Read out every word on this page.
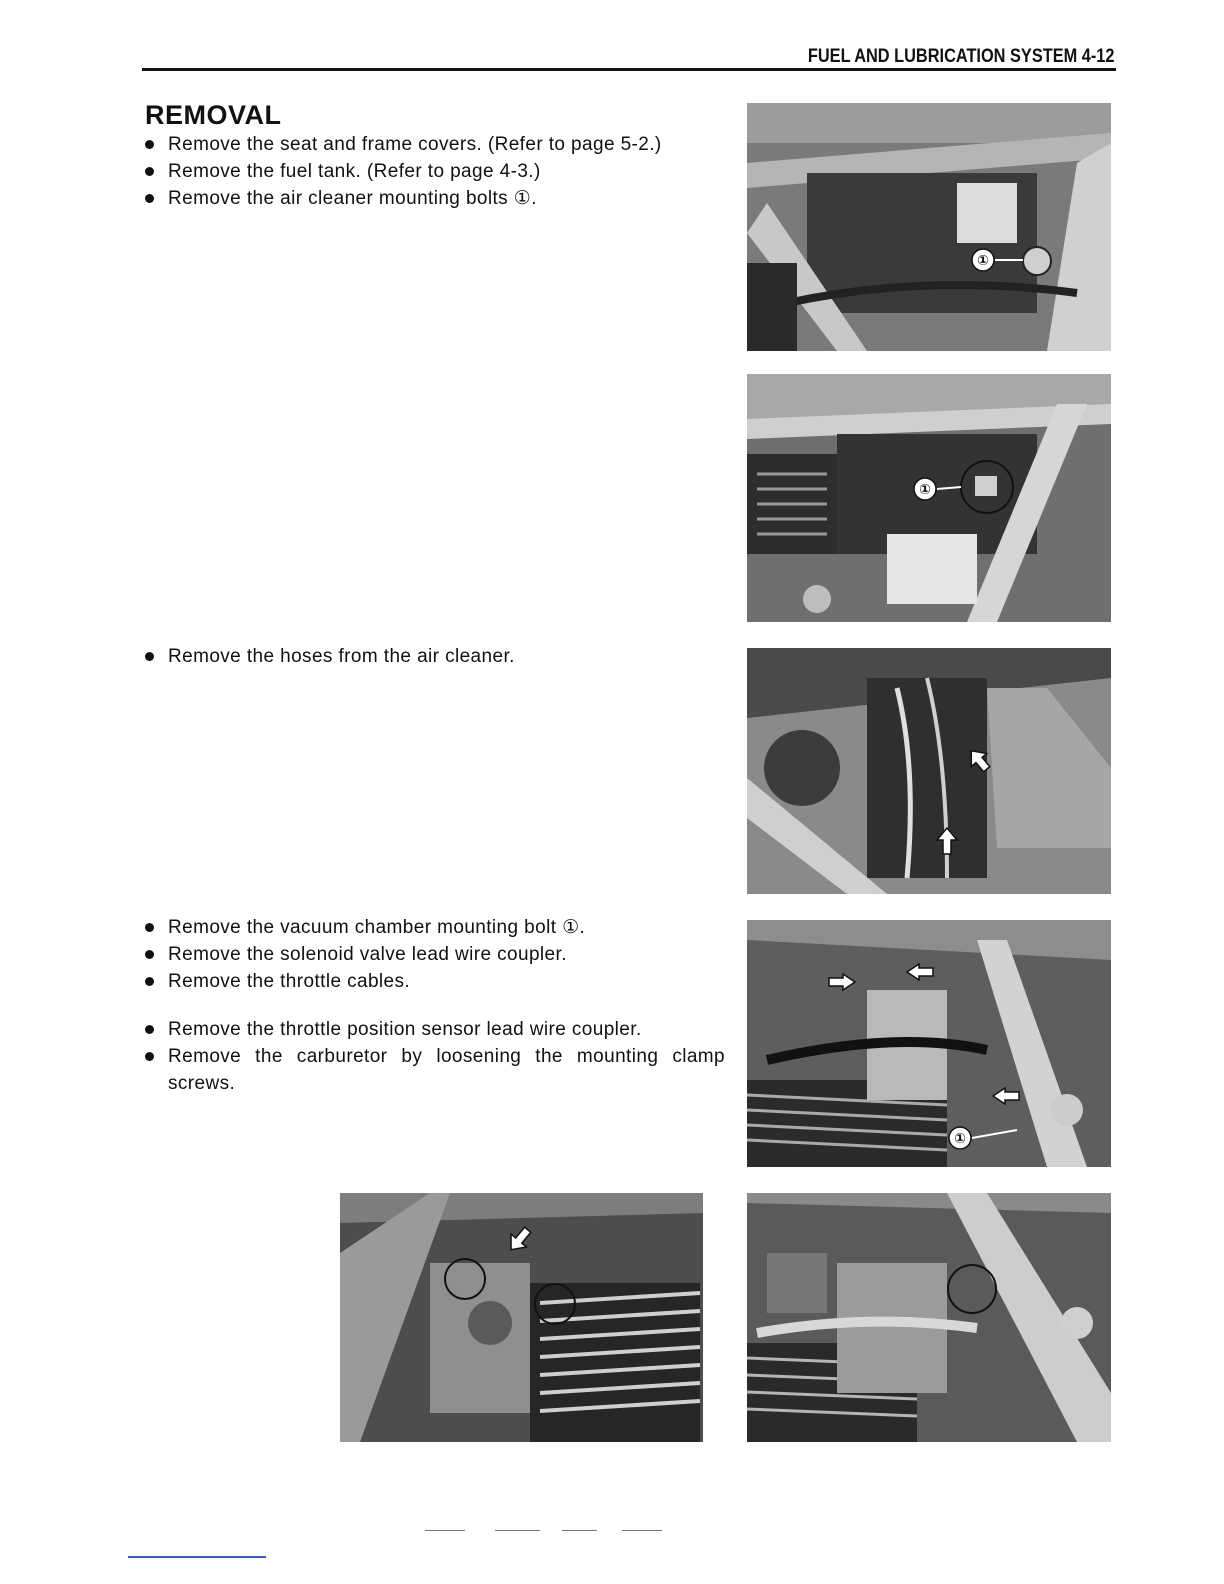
FUEL AND LUBRICATION SYSTEM 4-12
REMOVAL
Remove the seat and frame covers. (Refer to page 5-2.)
Remove the fuel tank. (Refer to page 4-3.)
Remove the air cleaner mounting bolts ①.
Remove the hoses from the air cleaner.
Remove the vacuum chamber mounting bolt ①.
Remove the solenoid valve lead wire coupler.
Remove the throttle cables.
Remove the throttle position sensor lead wire coupler.
Remove the carburetor by loosening the mounting clamp screws.
①
①
①
